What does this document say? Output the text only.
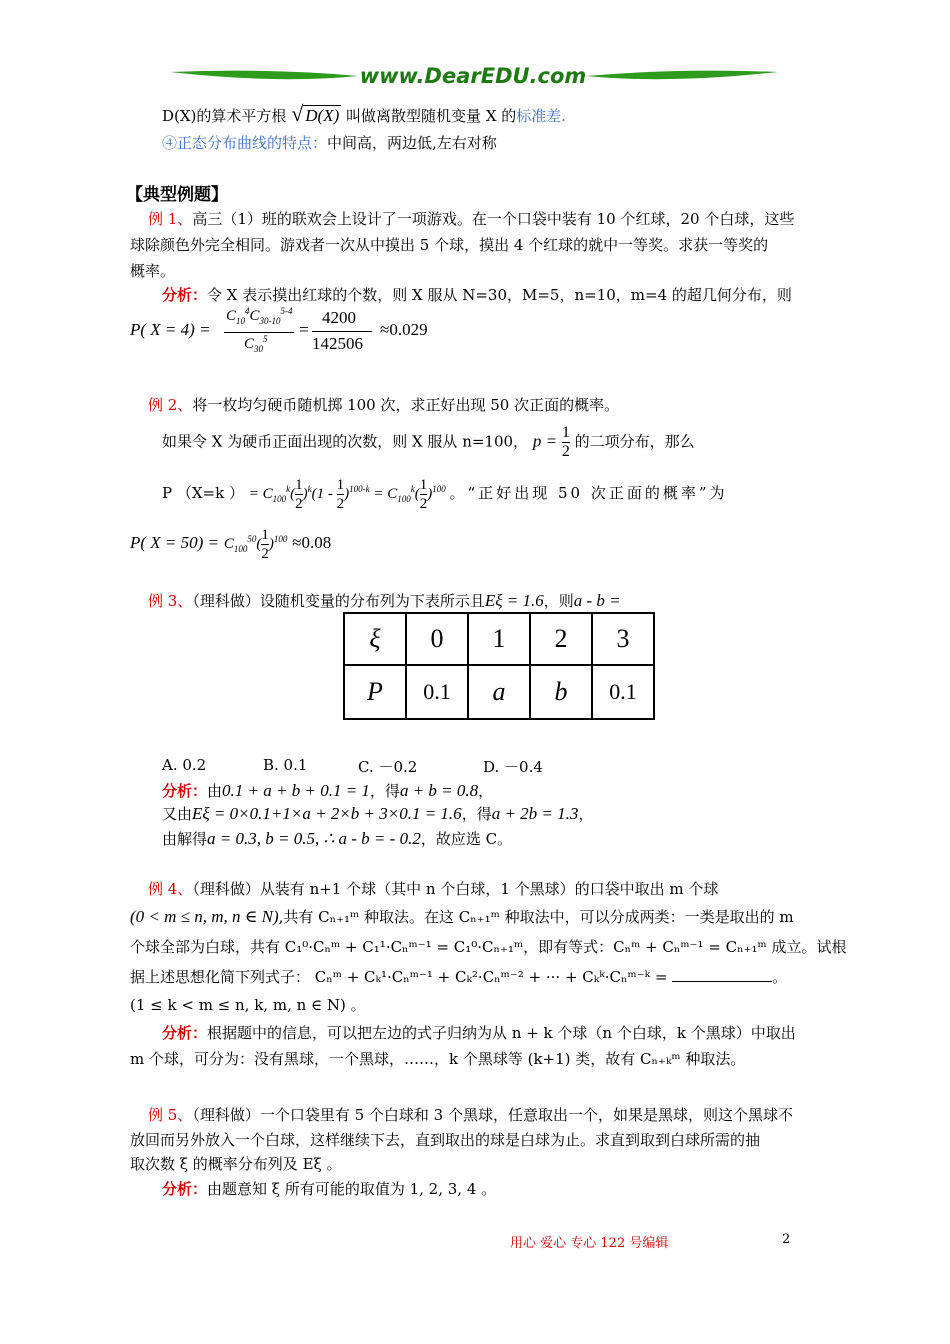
www.DearEDU.com
D(X)的算术平方根 √ D(X) 叫做离散型随机变量 X 的标准差.
④正态分布曲线的特点：中间高，两边低,左右对称
【典型例题】
例 1、高三（1）班的联欢会上设计了一项游戏。在一个口袋中装有 10 个红球，20 个白球，这些
球除颜色外完全相同。游戏者一次从中摸出 5 个球，摸出 4 个红球的就中一等奖。求获一等奖的
概率。
分析：令 X 表示摸出红球的个数，则 X 服从 N=30，M=5，n=10，m=4 的超几何分布，则
P( X = 4) =
$C_{10}^4C_{30-10}^{5-4}$
$C_{30}^5$ =
4200
142506
≈0.029
例 2、将一枚均匀硬币随机掷 100 次，求正好出现 50 次正面的概率。
如果令 X 为硬币正面出现的次数，则 X 服从 n=100， $p = \frac{1}{2}$ 的二项分布，那么
P （X=k ） = $C_{100}^k( \frac{1}{2} )^k(1 - \frac{1}{2} )^{100-k} = C_{100}^k( \frac{1}{2} )^{100}$ 。“正好出现 50 次正面的概率”为
P( $X = 50) = C_{100}^{50}( \frac{1}{2} )^{100} \approx 0.08$
例 3、（理科做）设随机变量的分布列为下表所示且Eξ = 1.6，则a - b =
ξ	0	1	2	3
P	0.1	a	b	0.1
A. 0.2	B. 0.1	C. －0.2	D. －0.4
分析：由0.1 + a + b + 0.1 = 1，得a + b = 0.8，
又由Eξ = 0×0.1+1×a + 2×b + 3×0.1 = 1.6，得a + 2b = 1.3，
由解得a = 0.3, b = 0.5, ∴ a - b = - 0.2，故应选 C。
例 4、（理科做）从装有 n+1 个球（其中 n 个白球，1 个黑球）的口袋中取出 m 个球
(0 < m ≤ n, m, n ∈ N),共有 Cₙ₊₁ᵐ 种取法。在这 Cₙ₊₁ᵐ 种取法中，可以分成两类：一类是取出的 m
个球全部为白球，共有 C₁⁰·Cₙᵐ + C₁¹·Cₙᵐ⁻¹ = C₁⁰·Cₙ₊₁ᵐ，即有等式：Cₙᵐ + Cₙᵐ⁻¹ = Cₙ₊₁ᵐ 成立。试根
据上述思想化简下列式子： Cₙᵐ + Cₖ¹·Cₙᵐ⁻¹ + Cₖ²·Cₙᵐ⁻² + ··· + Cₖᵏ·Cₙᵐ⁻ᵏ =	。
(1 ≤ k < m ≤ n, k, m, n ∈ N) 。
分析：根据题中的信息，可以把左边的式子归纳为从 n + k 个球（n 个白球，k 个黑球）中取出
m 个球，可分为：没有黑球，一个黑球，……，k 个黑球等 (k+1) 类，故有 Cₙ₊ₖᵐ 种取法。
例 5、（理科做）一个口袋里有 5 个白球和 3 个黑球，任意取出一个，如果是黑球，则这个黑球不
放回而另外放入一个白球，这样继续下去，直到取出的球是白球为止。求直到取到白球所需的抽
取次数 ξ 的概率分布列及 Eξ 。
分析：由题意知 ξ 所有可能的取值为 1, 2, 3, 4 。
用心 爱心 专心 122 号编辑	2
